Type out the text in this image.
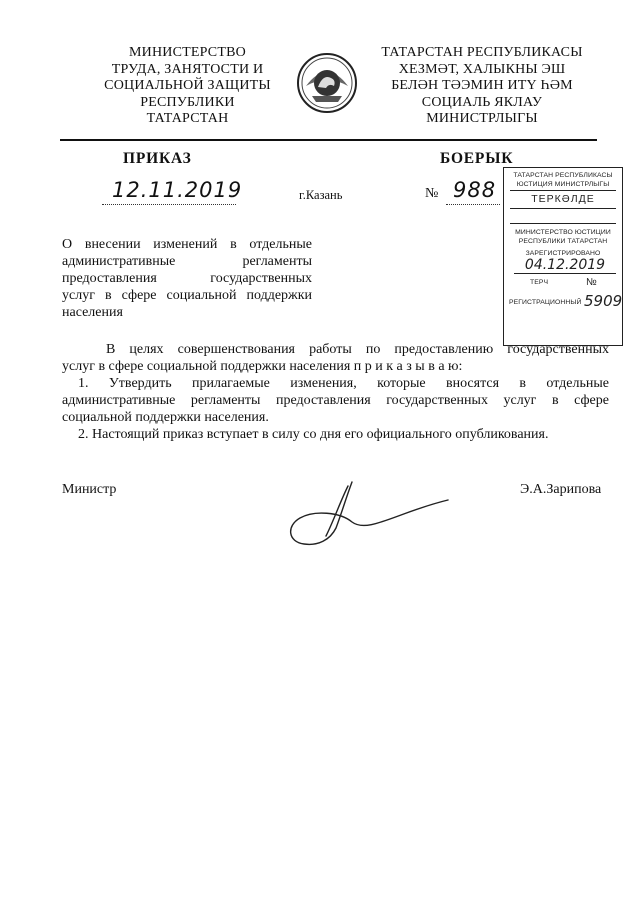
МИНИСТЕРСТВО
ТРУДА, ЗАНЯТОСТИ И
СОЦИАЛЬНОЙ ЗАЩИТЫ
РЕСПУБЛИКИ
ТАТАРСТАН
ТАТАРСТАН РЕСПУБЛИКАСЫ
ХЕЗМӘТ, ХАЛЫКНЫ ЭШ
БЕЛӘН ТӘЭМИН ИТҮ ҺӘМ
СОЦИАЛЬ ЯКЛАУ
МИНИСТРЛЫГЫ
ПРИКАЗ	БОЕРЫК
12.11.2019	г.Казань	№ 988
ТАТАРСТАН РЕСПУБЛИКАСЫ
ЮСТИЦИЯ МИНИСТРЛЫГЫ
ТЕРКӘЛДЕ
МИНИСТЕРСТВО ЮСТИЦИИ
РЕСПУБЛИКИ ТАТАРСТАН
ЗАРЕГИСТРИРОВАНО
04.12.2019
ТЕРЧ	№
РЕГИСТРАЦИОННЫЙ 5909
О внесении изменений в отдельные
административные регламенты
предоставления государственных
услуг в сфере социальной поддержки
населения
В целях совершенствования работы по предоставлению государственных
услуг в сфере социальной поддержки населения п р и к а з ы в а ю:
1. Утвердить прилагаемые изменения, которые вносятся в отдельные
административные регламенты предоставления государственных услуг в сфере
социальной поддержки населения.
2. Настоящий приказ вступает в силу со дня его официального опубликования.
Министр	Э.А.Зарипова
